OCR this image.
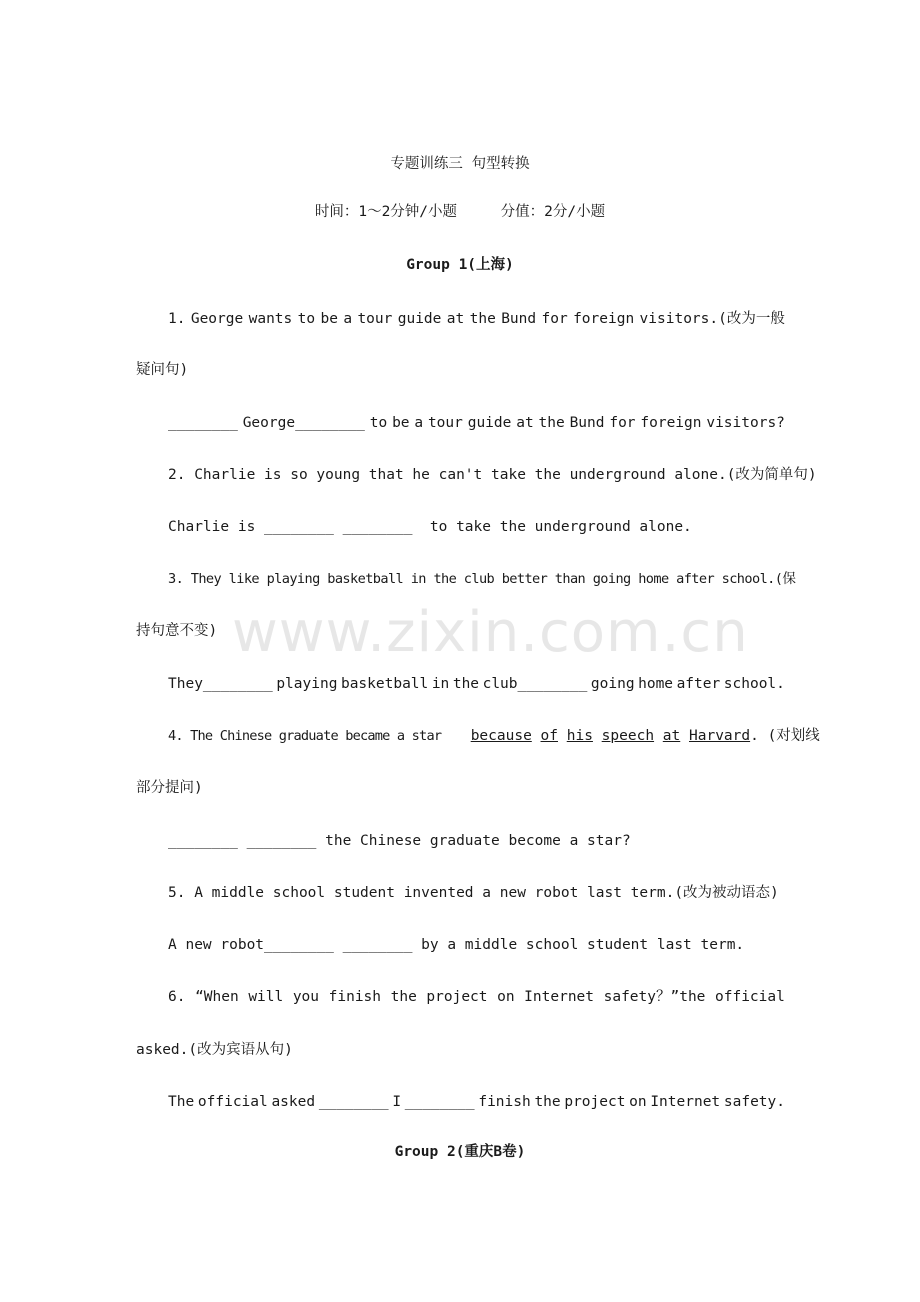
专题训练三 句型转换
时间：1～2分钟/小题     分值：2分/小题
Group 1(上海)
1. George wants to be a tour guide at the Bund for foreign visitors.(改为一般
疑问句)
________ George________ to be a tour guide at the Bund for foreign visitors?
2. Charlie is so young that he can't take the underground alone.(改为简单句)
Charlie is ________ ________  to take the underground alone.
3. They like playing basketball in the club better than going home after school.(保
持句意不变)
They________ playing basketball in the club________ going home after school.
4. The Chinese graduate became a star because of his speech at Harvard. (对划线
部分提问)
________ ________ the Chinese graduate become a star?
5. A middle school student invented a new robot last term.(改为被动语态)
A new robot________ ________ by a middle school student last term.
6. “When will you finish the project on Internet safety？”the official
asked.(改为宾语从句)
The official asked ________ I ________ finish the project on Internet safety.
Group 2(重庆B卷)
www.zixin.com.cn
